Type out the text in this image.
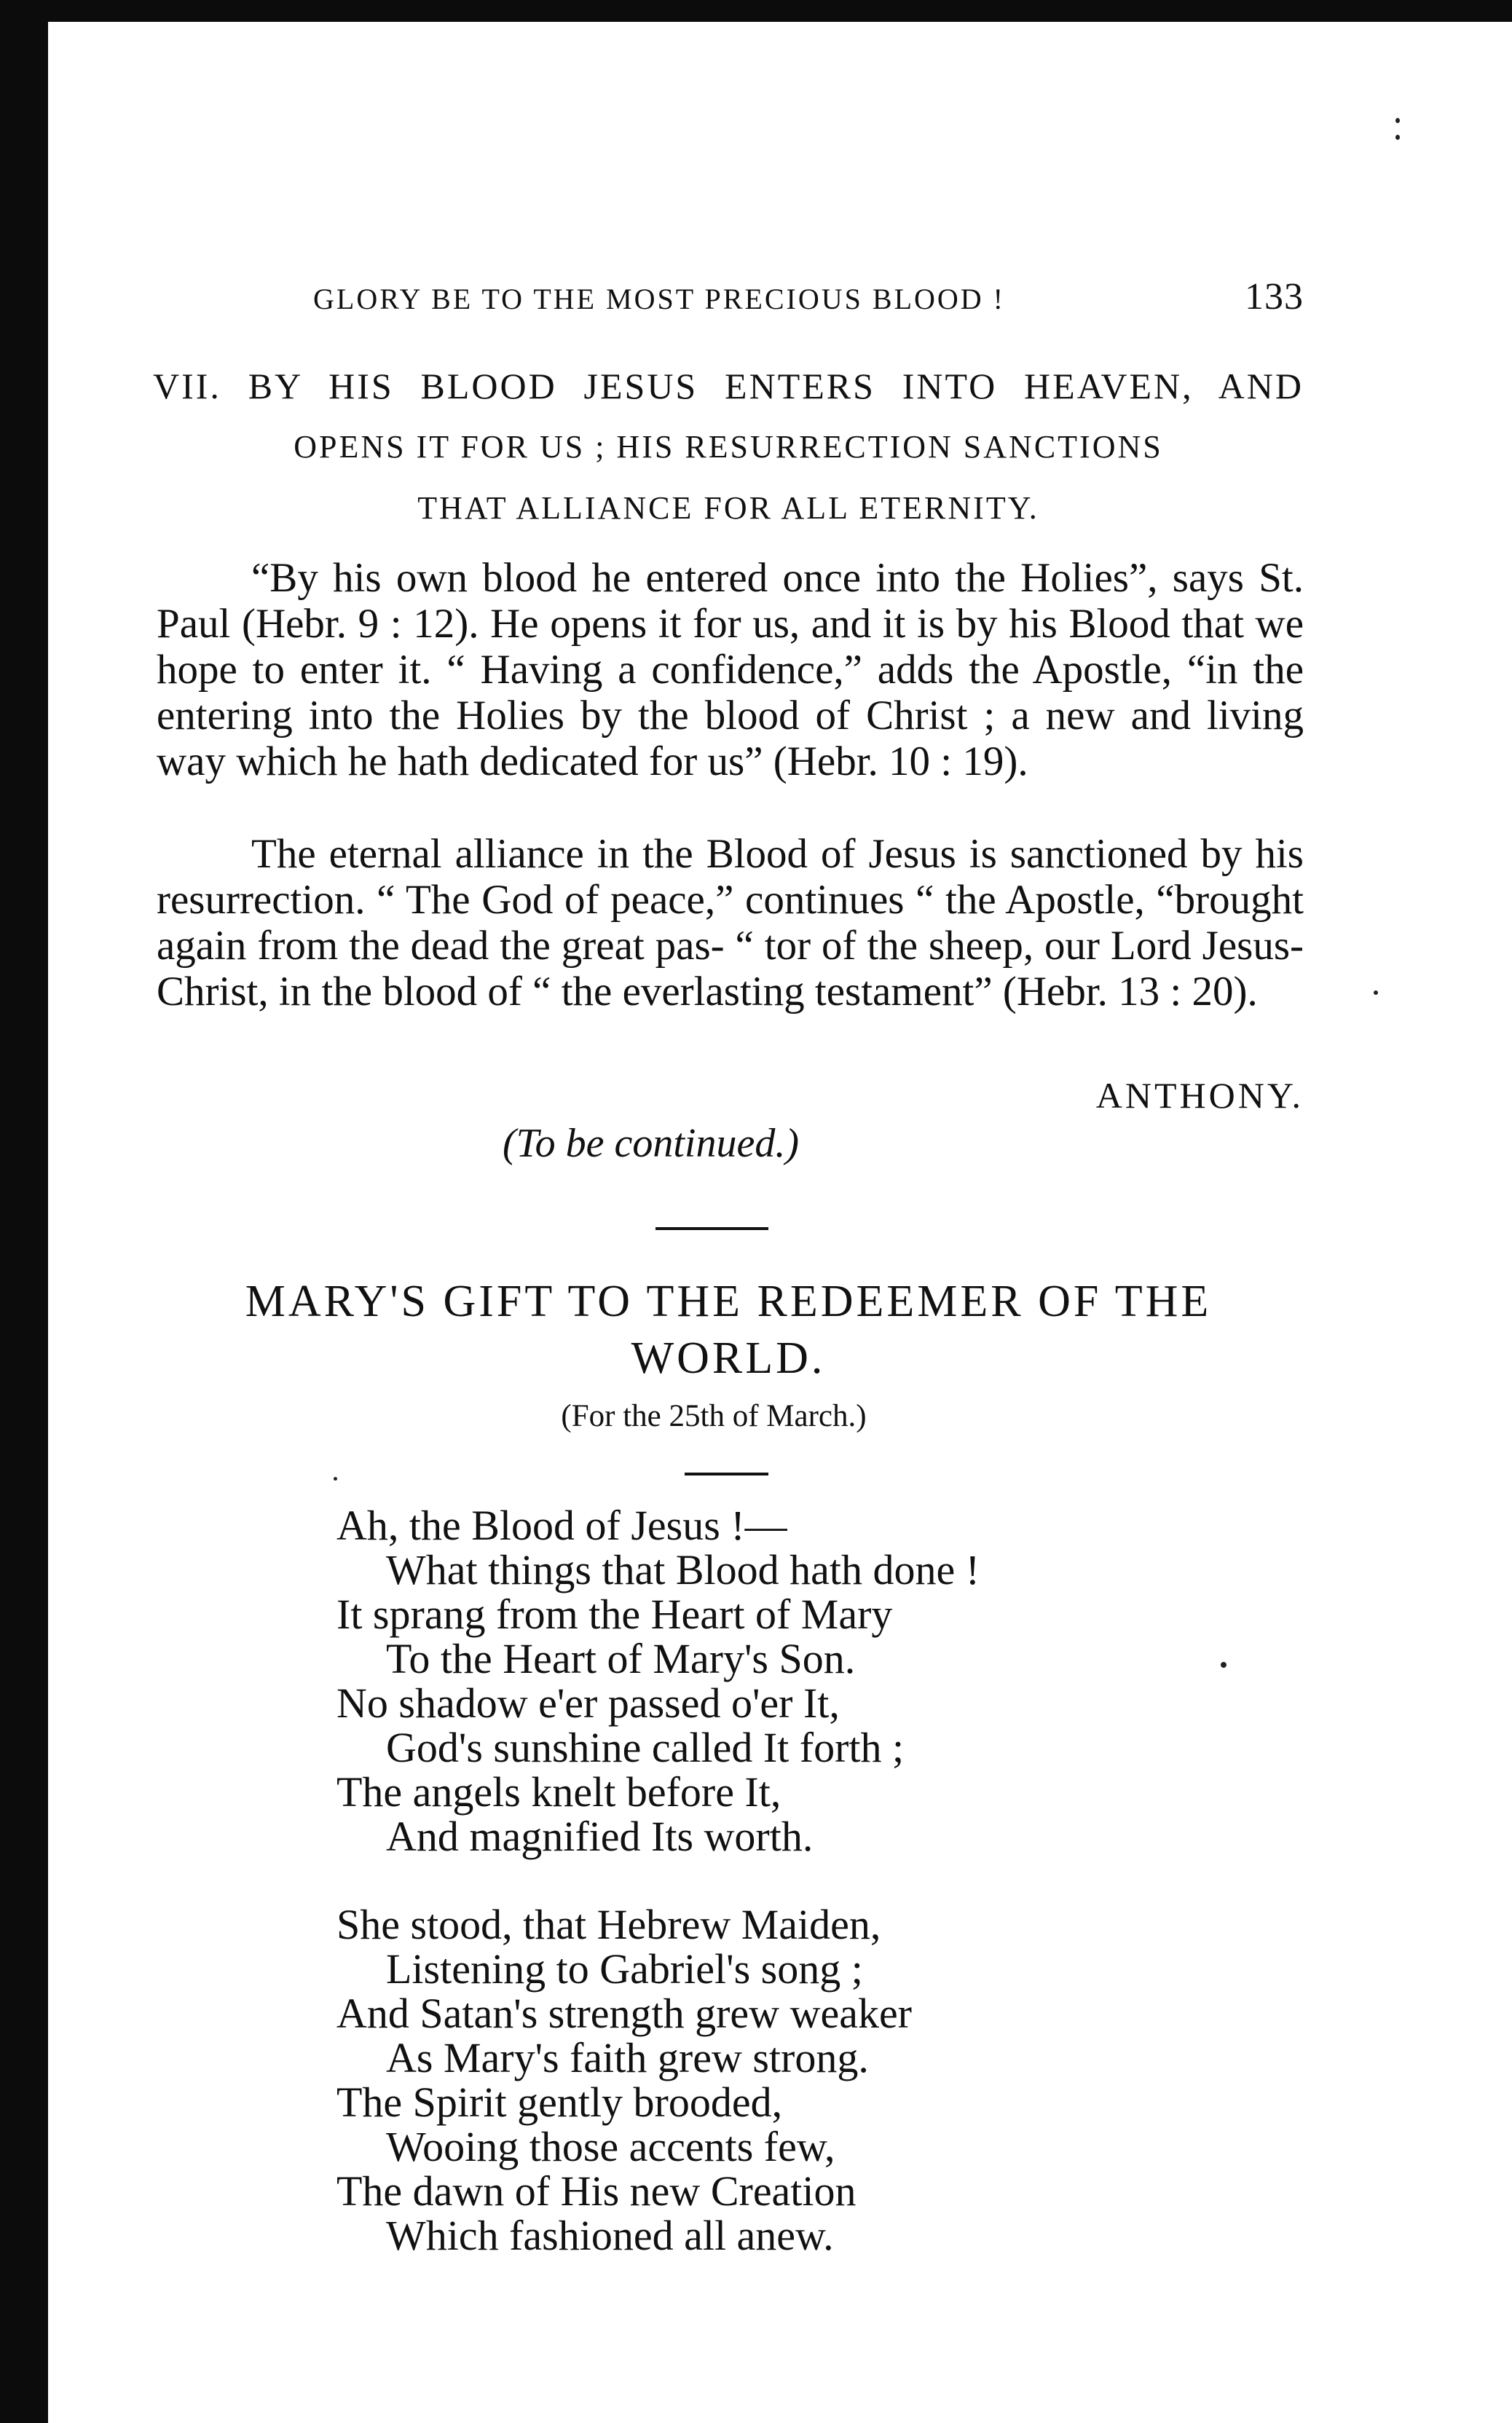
GLORY BE TO THE MOST PRECIOUS BLOOD !	133
VII. BY HIS BLOOD JESUS ENTERS INTO HEAVEN, AND
OPENS IT FOR US ; HIS RESURRECTION SANCTIONS
THAT ALLIANCE FOR ALL ETERNITY.

“By his own blood he entered once into the Holies”, says St. Paul (Hebr. 9 : 12). He opens it for us, and it is by his Blood that we hope to enter it. “ Having a confidence,” adds the Apostle, “in the entering into the Holies by the blood of Christ ; a new and living way which he hath dedicated for us” (Hebr. 10 : 19).

The eternal alliance in the Blood of Jesus is sanctioned by his resurrection. “ The God of peace,” continues “ the Apostle, “brought again from the dead the great pas- “ tor of the sheep, our Lord Jesus-Christ, in the blood of “ the everlasting testament” (Hebr. 13 : 20).

ANTHONY.
(To be continued.)
MARY'S GIFT TO THE REDEEMER OF THE
WORLD.
(For the 25th of March.)
Ah, the Blood of Jesus !—
What things that Blood hath done !
It sprang from the Heart of Mary
To the Heart of Mary's Son.
No shadow e'er passed o'er It,
God's sunshine called It forth ;
The angels knelt before It,
And magnified Its worth.
She stood, that Hebrew Maiden,
Listening to Gabriel's song ;
And Satan's strength grew weaker
As Mary's faith grew strong.
The Spirit gently brooded,
Wooing those accents few,
The dawn of His new Creation
Which fashioned all anew.
